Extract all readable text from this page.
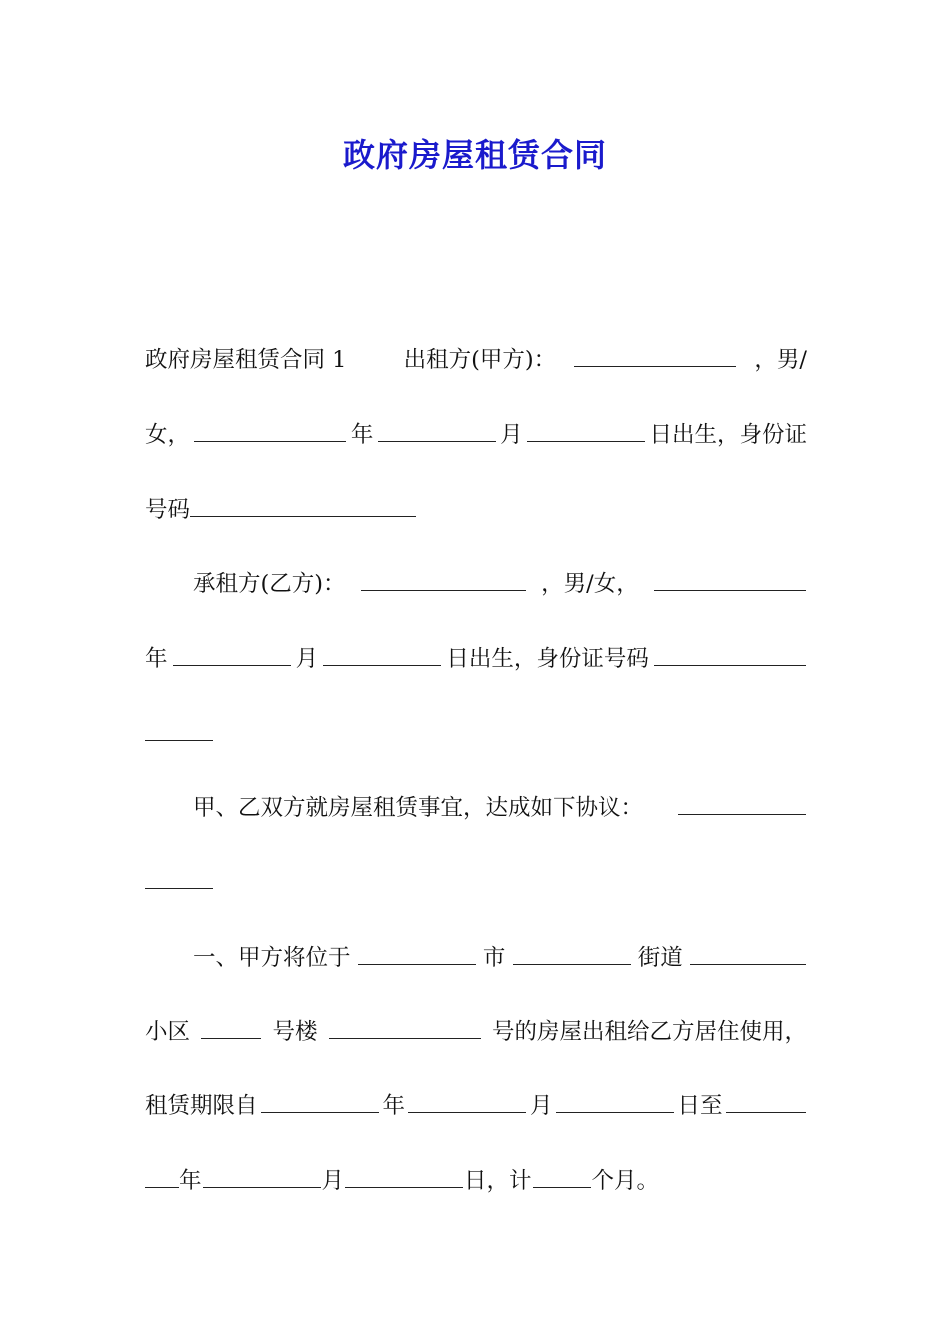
政府房屋租赁合同
政府房屋租赁合同 1	出租方(甲方)：	，男/
女，	年	月	日出生，身份证
号码
承租方(乙方)：	，男/女，
年	月	日出生，身份证号码
甲、乙双方就房屋租赁事宜，达成如下协议：
一、甲方将位于	市	街道
小区	号楼	号的房屋出租给乙方居住使用，
租赁期限自	年	月	日至
年	月	日，计	个月。
